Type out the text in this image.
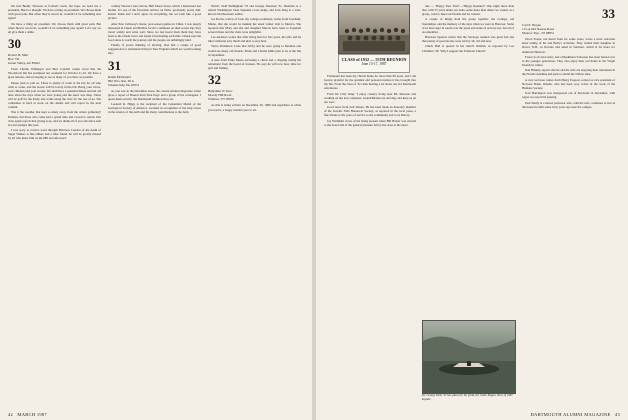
We had Buddy Terreson as football coach, but hope we need not a president. Here's a thought: We have a thing on president. We choose them with great pain. But when they're sworn in, wouldn't it be something else again?

We have a thing on president. We choose them with great pain. But when they're sworn in, wouldn't it be something else again? Let's say we all give them a smile.

30
Robert H. Marr
Box 750
Green Valley, AZ 85622

From Charlie Widmayer and Burt Condoll comes word that the Woodstock Inn has prompted our weekend for October 21-22. We have a great turnout, and are hoping to see as many of you there as possible.

Please plan to join us. There is plenty of room at the inn for all who wish to come, and the Green will be lovely in the fall. Bring your wives, your children and your stories. We shall have a splendid dinner and tell old tales about the days when we were young and the snow was deep. There will be golf for the hardy and walks along the river for the rest of us. The committee is hard at work on the details and will report in the next column.

Was it the weather that kept so many away from the winter gathering? Perhaps, but those who came had a grand time and vowed to return. Our class agent reports that giving is up, and we thank all of you who have sent in your pledges this year.

I was sorry to receive word through Harrison Condon of the death of Sugar Walker. A fine athlete and a finer friend, he will be greatly missed by all who knew him on the Hill and afterward.

commy Weaver's new movie, Half Moon Street, which I mentioned last month. It's one of the favorable articles on films, previously pretty dull. Robert Kahn and I don't agree on everything, but we both like a good picture.

After Pete Callaway's honor, post-season games in China. I was deeply interested in Chuck and Bobbie Jacob's comments on their recent trip; they travel widely and write well. Since we last heard from them they have been to the Orient twice and found it fascinating each time. Chuck says the food alone is worth the journey and the people are unfailingly kind.

Finally, if you're thinking of moving, Dad had a couple of good suggestions for retirement living in New England which are worth looking into.

31
Ralph McDonald
802 W.G. Rte. 36 A
Schenectady, PA 18074

As you saw in the December issue, the current Alumni Magazine writer gives a report of Boston from 'Ken Page' and a group of his colleagues. I quote them exactly: the Dartmouth tradition lives on.

Leonard R. Higgs is the recipient of the Centennial Medal of the Geological Society of America, awarded in recognition of his long career in the science of the earth and his many contributions to the field.

Watch, 1940 Bellingham '33 and George Sherman '31. Sherman is a retired Washington State Supreme Court judge, and Ivan Doig is a well-known Northwestern author.

Joe Dorris, widow of Jack, my college roommate, writes from Topsham, Maine, that she would be making her usual winter visit to Mexico. She reported that Mary and she and daughter Marcia have been to Topsham several times and the visits were delightful.

Lee Andrews writes that after living here for five years, his wife and he like California very much and plan to stay here.

Vance Dickinson wrote that Libby and he were going to Reunion and would see many old friends. Ennis and Charlie Mills plan to be at the Inn in September.

A note from Ernie Moise enclosing a check and a clipping noting his retirement from the board of trustees. He says he will now have time for golf and fishing.

32
Benjamin W. Dow
Moody Hill Road
Windsor, VT 05079

As this is being written on December 30, 1986 and regardless of when you read it, a happy reunion year to all.

42 MARCH 1987
CLASS of 1932 — 55TH REUNION
June 15-17, 1987

Fairmount has been my church home for more than 60 years, and I am forever grateful for the spiritual and personal nurture it has brought into my life. From the class of '32 came hearing a lot about our old Dartmouth adventures.

From Dr. Lilly Jamp: 'I enjoy country living near Mt. Maroner and working on my new computer. Grandchildren are arriving, and keep us on our toes.'

Good news from Jack Weeks. He has been made an honorary member of the Sewalls Falls Historical Society, as reported in the local press, a fine tribute to his years of service to the community and to its history.

Jay Wickham wrote of his being present when Bill Baxter was elected to the board and of the general pleasure felt by the class at the news.

tute — 'Happy New Year!'—'Happy Reunion!' One night more than that, with 55 years under our belts, some more than others we would, as a group, want to meet our friends and be content.

A couple of things hold the group together: the College, old friendships, and the memory of the days when we were in Hanover. Some of us have kept in touch over the years and some of us have not, but all of us remember.

Harrison Spencer writes that the Saratoga reunion was great fun and that plenty of good stories were told by all, old and new.

Chuck Hall is quoted in his church bulletin, as reported by Lee Chalmers '30: 'Why I support the Fairmont Church.'

Dr. George Itzmi '32 has plans for his pond, the 'Latto Pagan, three of 1987 kayaks'.
33
Carl E. Hoppe
115-A Old Nassau Road
Monroe Twp., NJ 08831

Wood Foster, not heard from for some years, wrote a most welcome letter telling of his and Betty's activities. They visited their daughter in Dover, N.H., in October and skied in Vermont, which is far more for alumni in Hanover.

Foster is an avid sailor, and a Hopkinton Schooner has been turned over to the younger generation. They also enjoy their old home in the Virgin Islands in winter.

Dan Hinkley reports that he and his wife are enjoying their retirement in the Florida sunshine and plan to attend the 55th in June.

A very sad note comes from Henry Pospost, retired as vice president of Norwest Bank, Omaha, who has been very active in the work of the Humane Society.

Ivan Harrington was transported out of hurricane in December, with regret we report his passing.

Paul Shelly is a retired professor who, with his wife, continues to live in the house he built some forty years ago near the campus.

DARTMOUTH ALUMNI MAGAZINE 43
